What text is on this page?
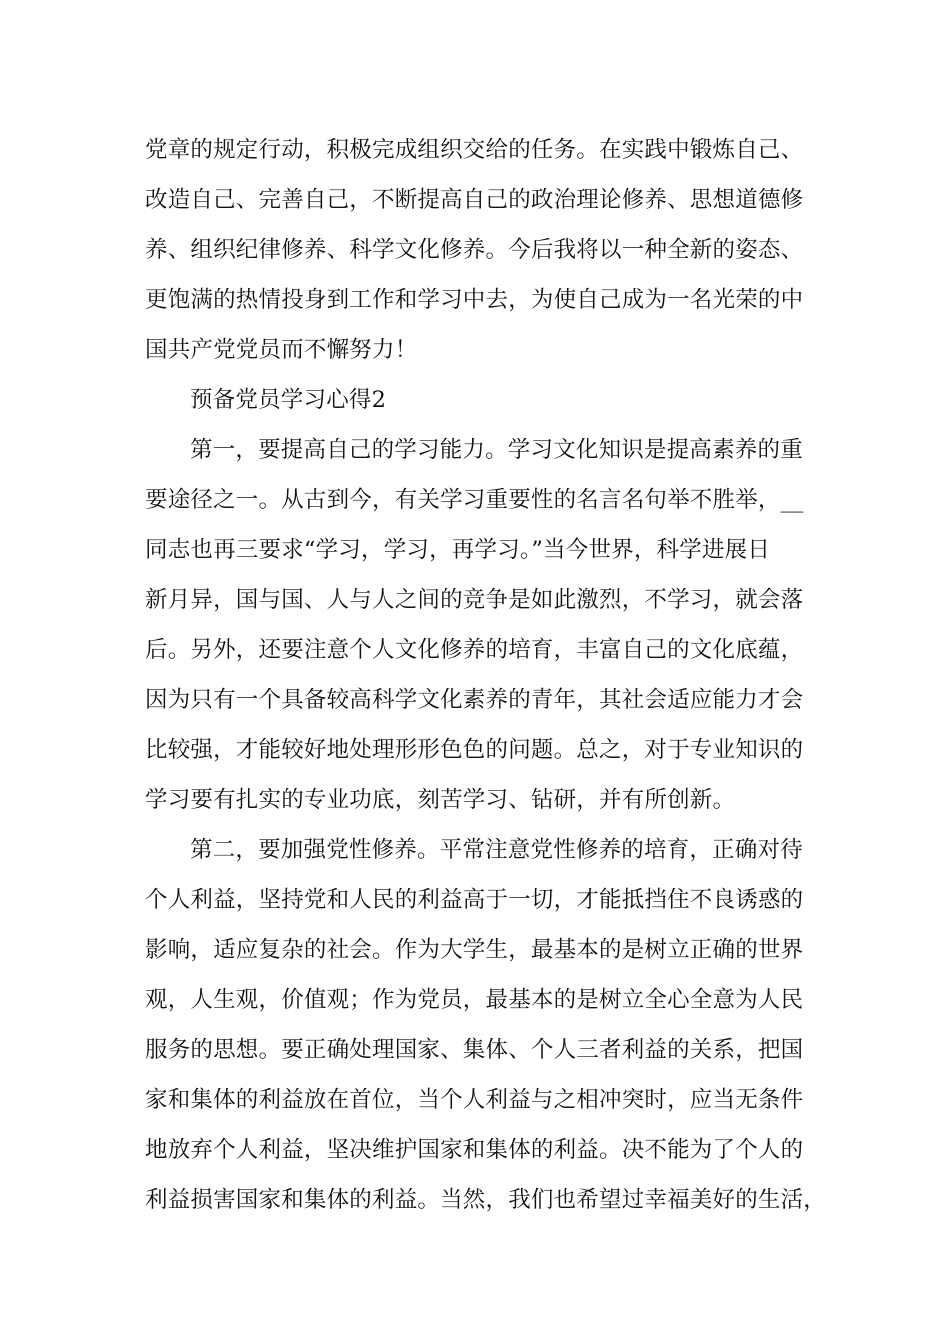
党章的规定行动，积极完成组织交给的任务。在实践中锻炼自己、
改造自己、完善自己，不断提高自己的政治理论修养、思想道德修
养、组织纪律修养、科学文化修养。今后我将以一种全新的姿态、
更饱满的热情投身到工作和学习中去，为使自己成为一名光荣的中
国共产党党员而不懈努力！
预备党员学习心得2
第一，要提高自己的学习能力。学习文化知识是提高素养的重
要途径之一。从古到今，有关学习重要性的名言名句举不胜举，__
同志也再三要求“学习，学习，再学习。”当今世界，科学进展日
新月异，国与国、人与人之间的竞争是如此激烈，不学习，就会落
后。另外，还要注意个人文化修养的培育，丰富自己的文化底蕴，
因为只有一个具备较高科学文化素养的青年，其社会适应能力才会
比较强，才能较好地处理形形色色的问题。总之，对于专业知识的
学习要有扎实的专业功底，刻苦学习、钻研，并有所创新。
第二，要加强党性修养。平常注意党性修养的培育，正确对待
个人利益，坚持党和人民的利益高于一切，才能抵挡住不良诱惑的
影响，适应复杂的社会。作为大学生，最基本的是树立正确的世界
观，人生观，价值观；作为党员，最基本的是树立全心全意为人民
服务的思想。要正确处理国家、集体、个人三者利益的关系，把国
家和集体的利益放在首位，当个人利益与之相冲突时，应当无条件
地放弃个人利益，坚决维护国家和集体的利益。决不能为了个人的
利益损害国家和集体的利益。当然，我们也希望过幸福美好的生活，
